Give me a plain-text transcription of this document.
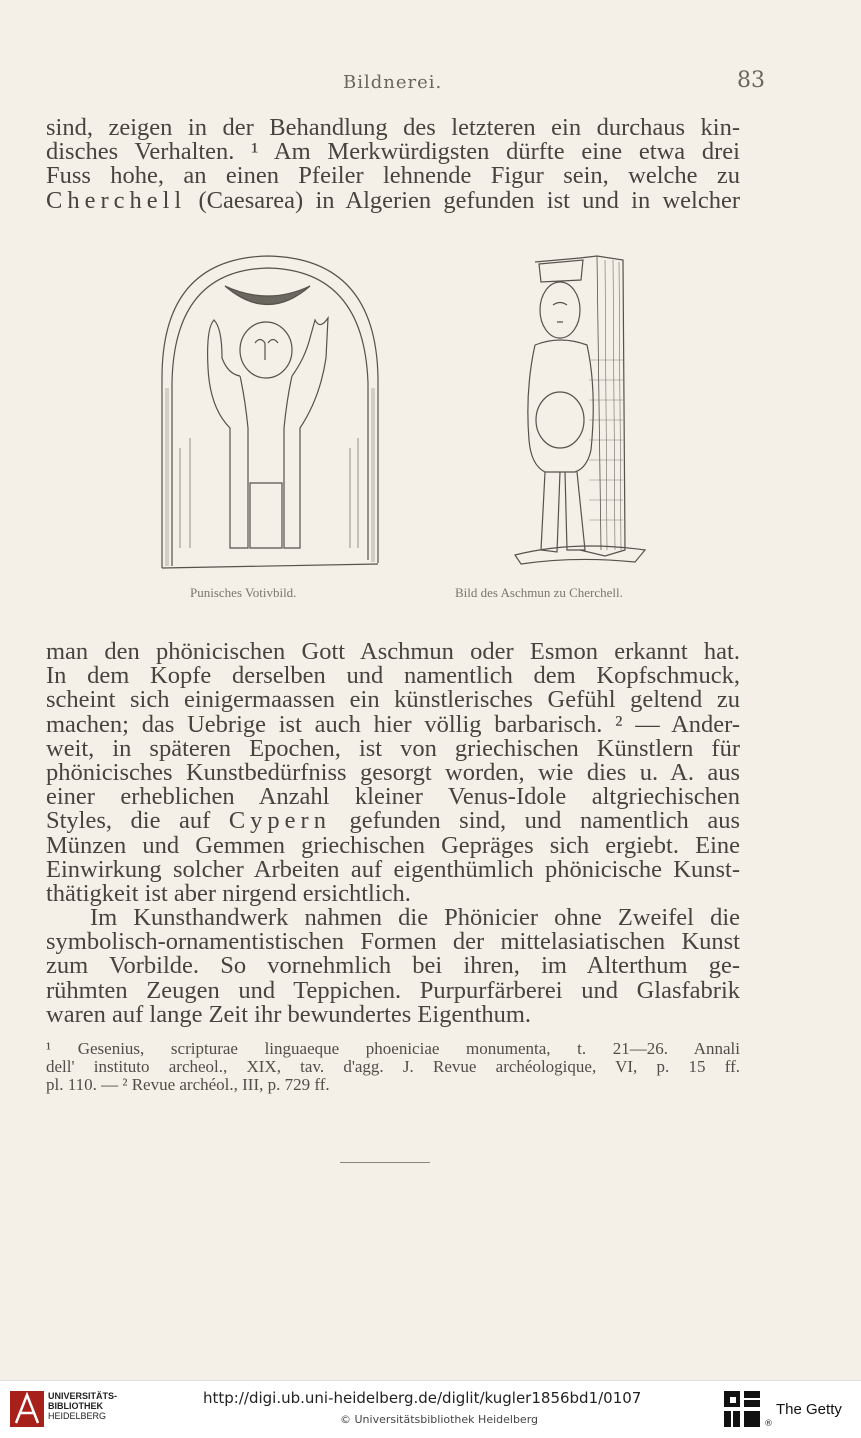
Bildnerei.	83
sind, zeigen in der Behandlung des letzteren ein durchaus kin-
disches Verhalten. ¹ Am Merkwürdigsten dürfte eine etwa drei
Fuss hohe, an einen Pfeiler lehnende Figur sein, welche zu
Cherchell (Caesarea) in Algerien gefunden ist und in welcher
Punisches Votivbild.	Bild des Aschmun zu Cherchell.
man den phönicischen Gott Aschmun oder Esmon erkannt hat.
In dem Kopfe derselben und namentlich dem Kopfschmuck,
scheint sich einigermaassen ein künstlerisches Gefühl geltend zu
machen; das Uebrige ist auch hier völlig barbarisch. ² — Ander-
weit, in späteren Epochen, ist von griechischen Künstlern für
phönicisches Kunstbedürfniss gesorgt worden, wie dies u. A. aus
einer erheblichen Anzahl kleiner Venus-Idole altgriechischen
Styles, die auf Cypern gefunden sind, und namentlich aus
Münzen und Gemmen griechischen Gepräges sich ergiebt. Eine
Einwirkung solcher Arbeiten auf eigenthümlich phönicische Kunst-
thätigkeit ist aber nirgend ersichtlich.
Im Kunsthandwerk nahmen die Phönicier ohne Zweifel die
symbolisch-ornamentistischen Formen der mittelasiatischen Kunst
zum Vorbilde. So vornehmlich bei ihren, im Alterthum ge-
rühmten Zeugen und Teppichen. Purpurfärberei und Glasfabrik
waren auf lange Zeit ihr bewundertes Eigenthum.
¹ Gesenius, scripturae linguaeque phoeniciae monumenta, t. 21—26. Annali
dell' instituto archeol., XIX, tav. d'agg. J. Revue archéologique, VI, p. 15 ff.
pl. 110. — ² Revue archéol., III, p. 729 ff.
UNIVERSITÄTS-
BIBLIOTHEK
HEIDELBERG
http://digi.ub.uni-heidelberg.de/diglit/kugler1856bd1/0107
© Universitätsbibliothek Heidelberg	®
The Getty
